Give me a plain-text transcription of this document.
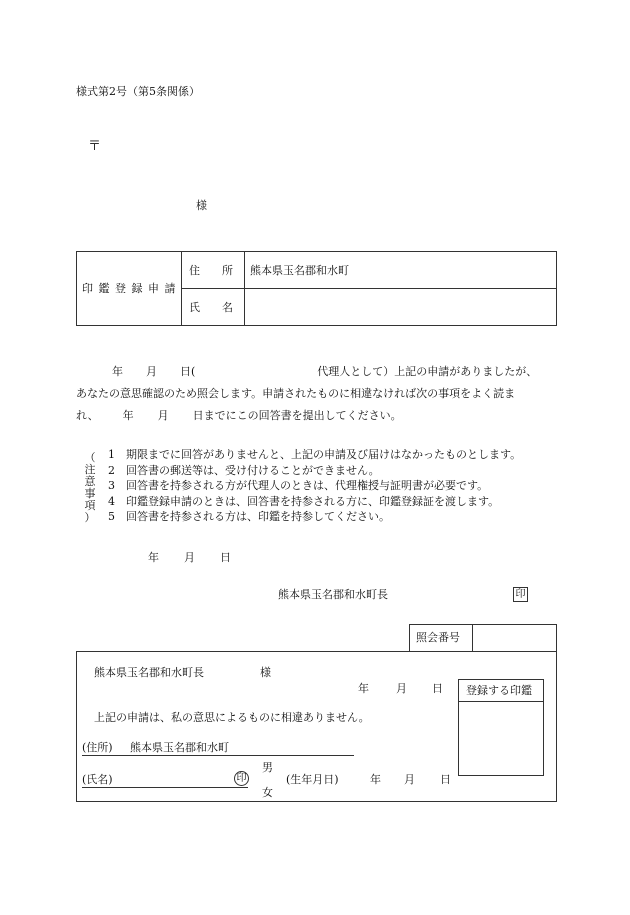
様式第2号（第5条関係）
〒
様
印 鑑 登 録 申 請
住　　所 熊本県玉名郡和水町
氏　　名
年 月 日(	代理人として）上記の申請がありましたが、
あなたの意思確認のため照会します。申請されたものに相違なければ次の事項をよく読ま
れ、 年 月 日までにこの回答書を提出してください。
（
注
意
事
項
）
1 期限までに回答がありませんと、上記の申請及び届けはなかったものとします。
2 回答書の郵送等は、受け付けることができません。
3 回答書を持参される方が代理人のときは、代理権授与証明書が必要です。
4 印鑑登録申請のときは、回答書を持参される方に、印鑑登録証を渡します。
5 回答書を持参される方は、印鑑を持参してください。
年 月 日
熊本県玉名郡和水町長	印
照会番号
熊本県玉名郡和水町長	様
年 月 日 登録する印鑑
上記の申請は、私の意思によるものに相違ありません。
(住所) 熊本県玉名郡和水町
(氏名)	印
男
女
(生年月日)	年 月 日
